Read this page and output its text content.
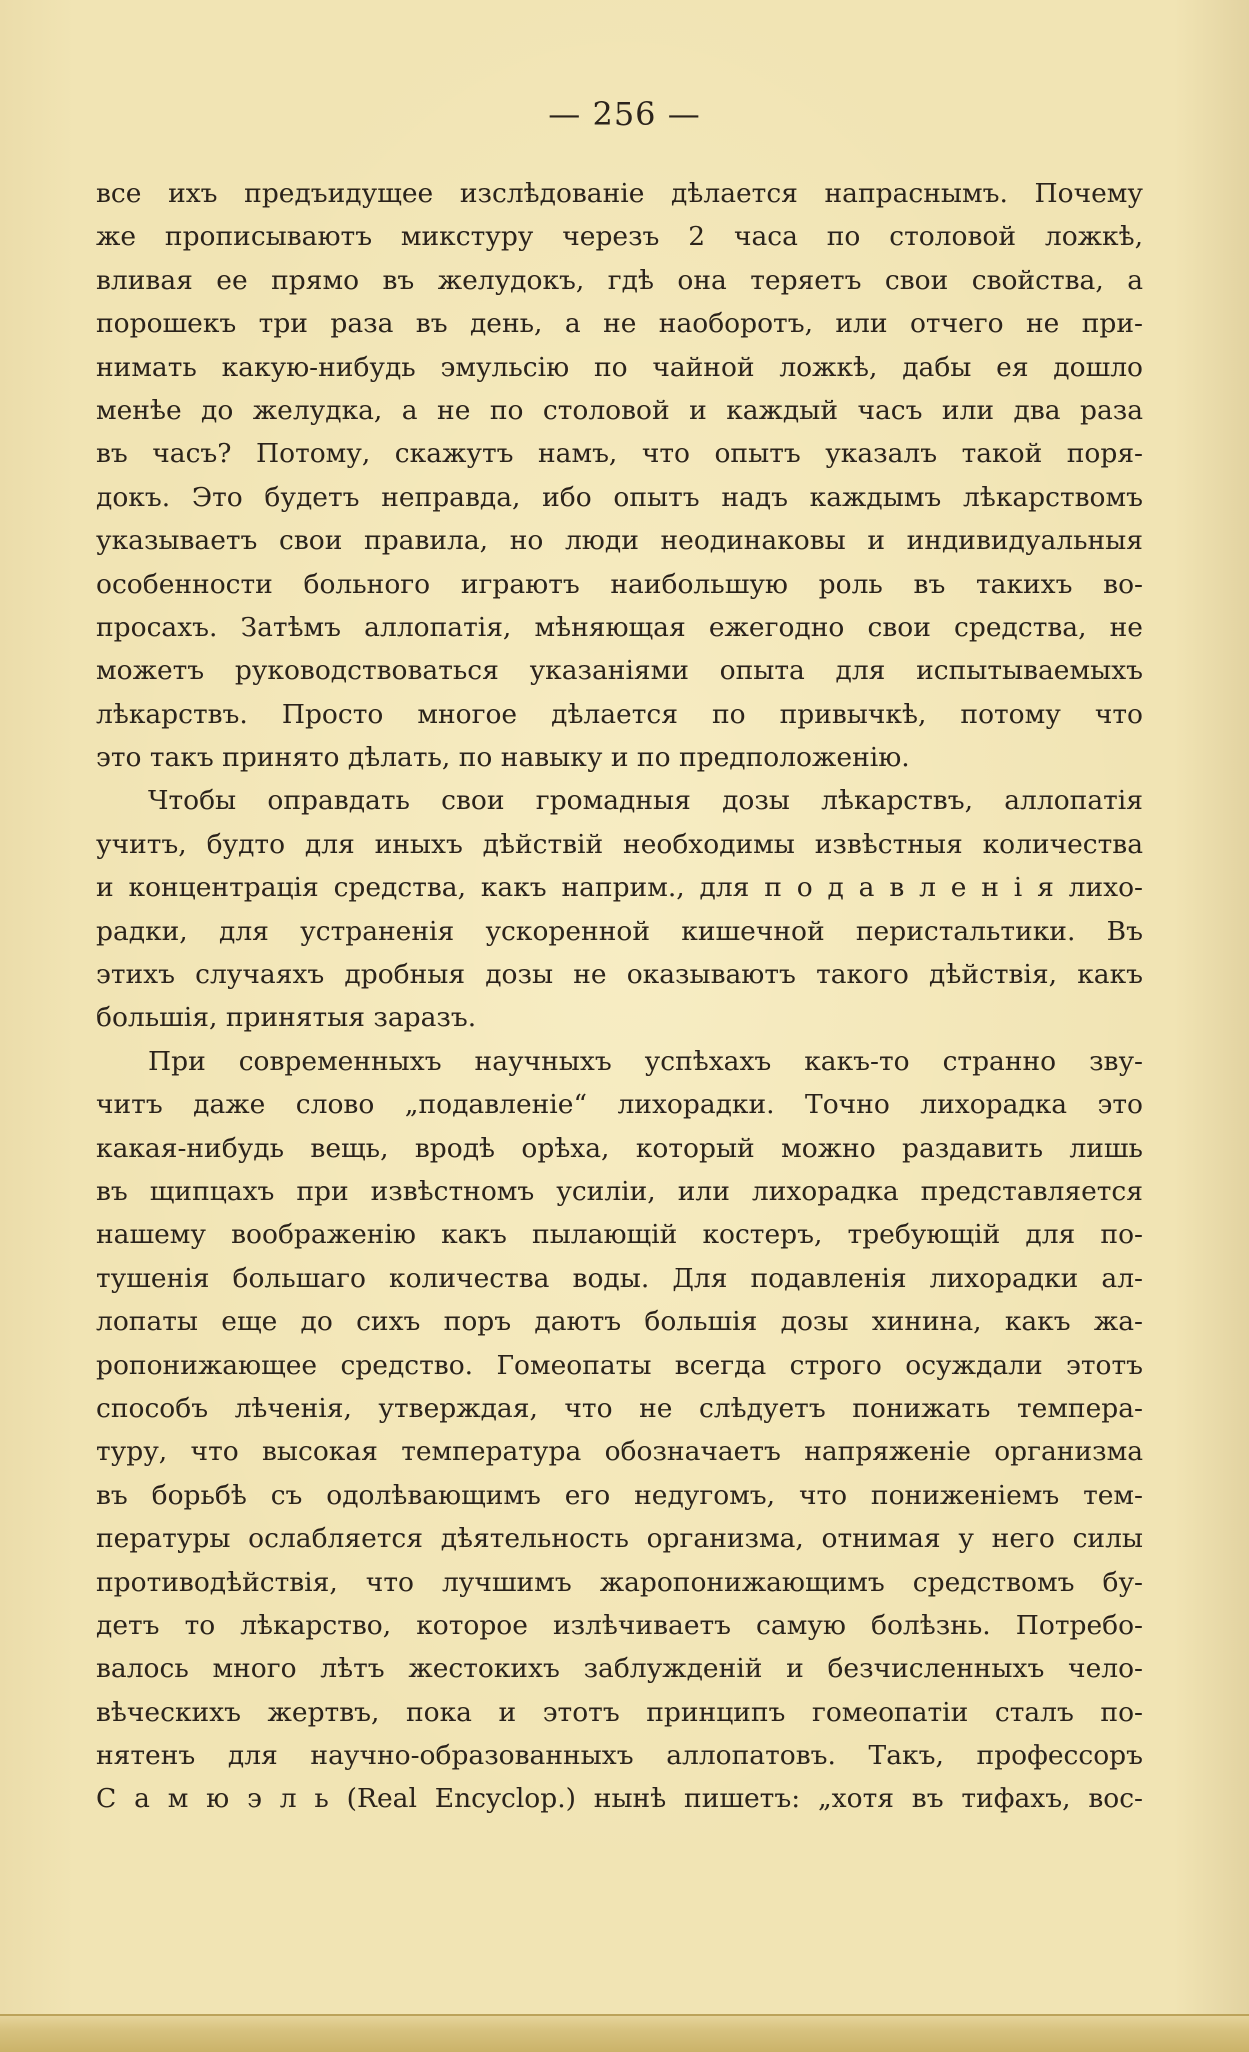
— 256 —
все ихъ предъидущее изслѣдованіе дѣлается напраснымъ. Почему
же прописываютъ микстуру черезъ 2 часа по столовой ложкѣ,
вливая ее прямо въ желудокъ, гдѣ она теряетъ свои свойства, а
порошекъ три раза въ день, а не наоборотъ, или отчего не при-
нимать какую-нибудь эмульсію по чайной ложкѣ, дабы ея дошло
менѣе до желудка, а не по столовой и каждый часъ или два раза
въ часъ? Потому, скажутъ намъ, что опытъ указалъ такой поря-
докъ. Это будетъ неправда, ибо опытъ надъ каждымъ лѣкарствомъ
указываетъ свои правила, но люди неодинаковы и индивидуальныя
особенности больного играютъ наибольшую роль въ такихъ во-
просахъ. Затѣмъ аллопатія, мѣняющая ежегодно свои средства, не
можетъ руководствоваться указаніями опыта для испытываемыхъ
лѣкарствъ. Просто многое дѣлается по привычкѣ, потому что
это такъ принято дѣлать, по навыку и по предположенію.
Чтобы оправдать свои громадныя дозы лѣкарствъ, аллопатія
учитъ, будто для иныхъ дѣйствій необходимы извѣстныя количества
и концентрація средства, какъ наприм., для п о д а в л е н і я лихо-
радки, для устраненія ускоренной кишечной перистальтики. Въ
этихъ случаяхъ дробныя дозы не оказываютъ такого дѣйствія, какъ
большія, принятыя заразъ.
При современныхъ научныхъ успѣхахъ какъ-то странно зву-
читъ даже слово „подавленіе“ лихорадки. Точно лихорадка это
какая-нибудь вещь, вродѣ орѣха, который можно раздавить лишь
въ щипцахъ при извѣстномъ усиліи, или лихорадка представляется
нашему воображенію какъ пылающій костеръ, требующій для по-
тушенія большаго количества воды. Для подавленія лихорадки ал-
лопаты еще до сихъ поръ даютъ большія дозы хинина, какъ жа-
ропонижающее средство. Гомеопаты всегда строго осуждали этотъ
способъ лѣченія, утверждая, что не слѣдуетъ понижать темпера-
туру, что высокая температура обозначаетъ напряженіе организма
въ борьбѣ съ одолѣвающимъ его недугомъ, что пониженіемъ тем-
пературы ослабляется дѣятельность организма, отнимая у него силы
противодѣйствія, что лучшимъ жаропонижающимъ средствомъ бу-
детъ то лѣкарство, которое излѣчиваетъ самую болѣзнь. Потребо-
валось много лѣтъ жестокихъ заблужденій и безчисленныхъ чело-
вѣческихъ жертвъ, пока и этотъ принципъ гомеопатіи сталъ по-
нятенъ для научно-образованныхъ аллопатовъ. Такъ, профессоръ
С а м ю э л ь (Real Encyclop.) нынѣ пишетъ: „хотя въ тифахъ, вос-
